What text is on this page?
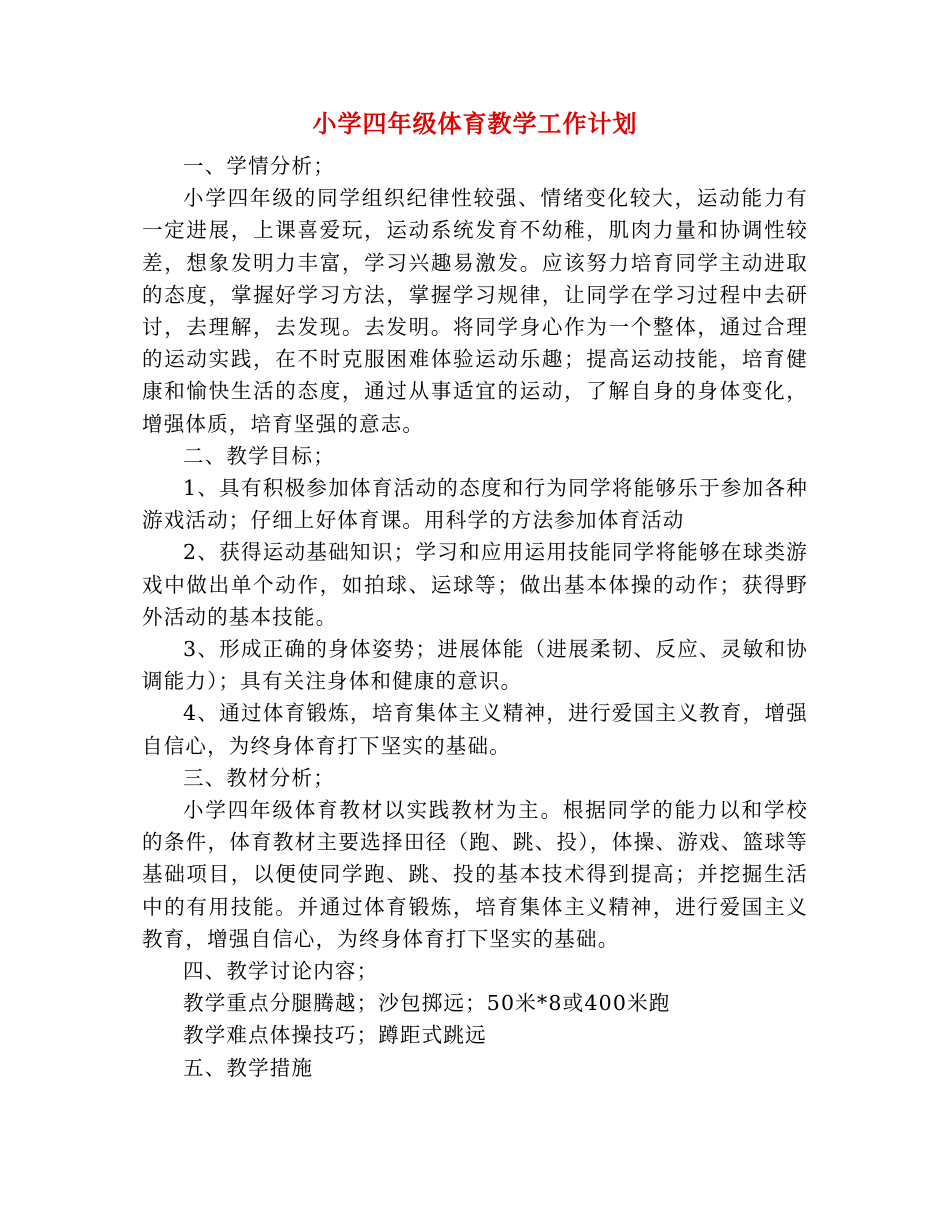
小学四年级体育教学工作计划

一、学情分析；

小学四年级的同学组织纪律性较强、情绪变化较大，运动能力有一定进展，上课喜爱玩，运动系统发育不幼稚，肌肉力量和协调性较差，想象发明力丰富，学习兴趣易激发。应该努力培育同学主动进取的态度，掌握好学习方法，掌握学习规律，让同学在学习过程中去研讨，去理解，去发现。去发明。将同学身心作为一个整体，通过合理的运动实践，在不时克服困难体验运动乐趣；提高运动技能，培育健康和愉快生活的态度，通过从事适宜的运动，了解自身的身体变化，增强体质，培育坚强的意志。

二、教学目标；

1、具有积极参加体育活动的态度和行为同学将能够乐于参加各种游戏活动；仔细上好体育课。用科学的方法参加体育活动

2、获得运动基础知识；学习和应用运用技能同学将能够在球类游戏中做出单个动作，如拍球、运球等；做出基本体操的动作；获得野外活动的基本技能。

3、形成正确的身体姿势；进展体能（进展柔韧、反应、灵敏和协调能力）；具有关注身体和健康的意识。

4、通过体育锻炼，培育集体主义精神，进行爱国主义教育，增强自信心，为终身体育打下坚实的基础。

三、教材分析；

小学四年级体育教材以实践教材为主。根据同学的能力以和学校的条件，体育教材主要选择田径（跑、跳、投），体操、游戏、篮球等基础项目，以便使同学跑、跳、投的基本技术得到提高；并挖掘生活中的有用技能。并通过体育锻炼，培育集体主义精神，进行爱国主义教育，增强自信心，为终身体育打下坚实的基础。

四、教学讨论内容；

教学重点分腿腾越；沙包掷远；50米*8或400米跑

教学难点体操技巧；蹲距式跳远

五、教学措施
